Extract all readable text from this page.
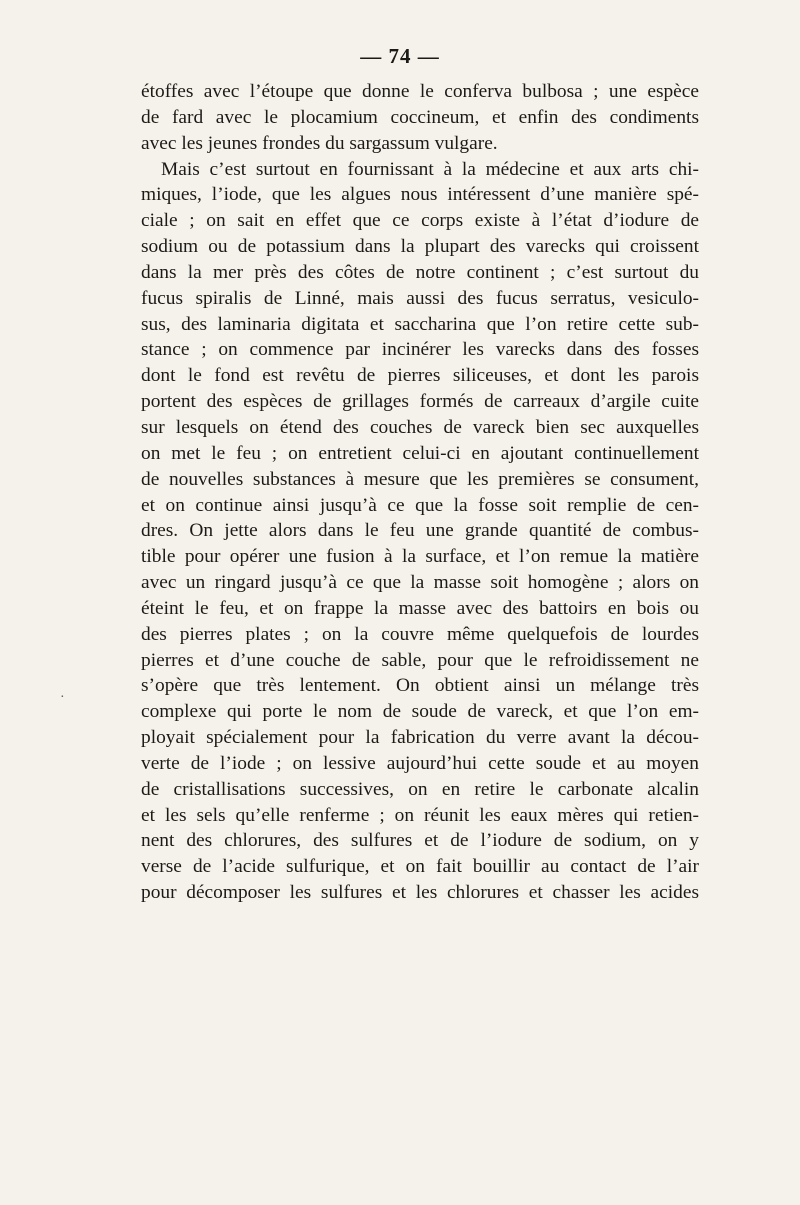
— 74 —
étoffes avec l’étoupe que donne le conferva bulbosa ; une espèce
de fard avec le plocamium coccineum, et enfin des condiments
avec les jeunes frondes du sargassum vulgare.
Mais c’est surtout en fournissant à la médecine et aux arts chi-
miques, l’iode, que les algues nous intéressent d’une manière spé-
ciale ; on sait en effet que ce corps existe à l’état d’iodure de
sodium ou de potassium dans la plupart des varecks qui croissent
dans la mer près des côtes de notre continent ; c’est surtout du
fucus spiralis de Linné, mais aussi des fucus serratus, vesiculo-
sus, des laminaria digitata et saccharina que l’on retire cette sub-
stance ; on commence par incinérer les varecks dans des fosses
dont le fond est revêtu de pierres siliceuses, et dont les parois
portent des espèces de grillages formés de carreaux d’argile cuite
sur lesquels on étend des couches de vareck bien sec auxquelles
on met le feu ; on entretient celui-ci en ajoutant continuellement
de nouvelles substances à mesure que les premières se consument,
et on continue ainsi jusqu’à ce que la fosse soit remplie de cen-
dres. On jette alors dans le feu une grande quantité de combus-
tible pour opérer une fusion à la surface, et l’on remue la matière
avec un ringard jusqu’à ce que la masse soit homogène ; alors on
éteint le feu, et on frappe la masse avec des battoirs en bois ou
des pierres plates ; on la couvre même quelquefois de lourdes
pierres et d’une couche de sable, pour que le refroidissement ne
s’opère que très lentement. On obtient ainsi un mélange très
complexe qui porte le nom de soude de vareck, et que l’on em-
ployait spécialement pour la fabrication du verre avant la décou-
verte de l’iode ; on lessive aujourd’hui cette soude et au moyen
de cristallisations successives, on en retire le carbonate alcalin
et les sels qu’elle renferme ; on réunit les eaux mères qui retien-
nent des chlorures, des sulfures et de l’iodure de sodium, on y
verse de l’acide sulfurique, et on fait bouillir au contact de l’air
pour décomposer les sulfures et les chlorures et chasser les acides
·
